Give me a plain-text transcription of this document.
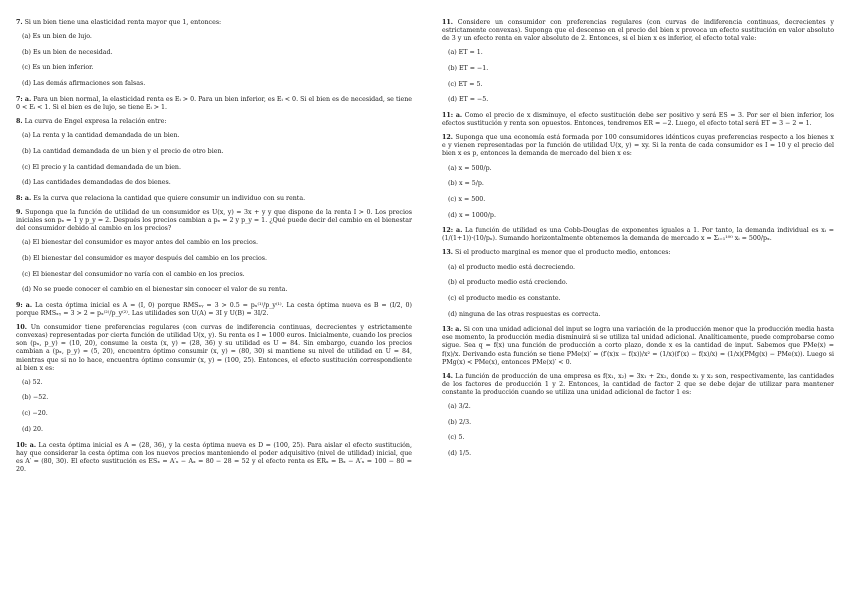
7. Si un bien tiene una elasticidad renta mayor que 1, entonces:

(a) Es un bien de lujo.

(b) Es un bien de necesidad.

(c) Es un bien inferior.

(d) Las demás afirmaciones son falsas.

7: a. Para un bien normal, la elasticidad renta es Eᵢ > 0. Para un bien inferior, es Eᵢ < 0. Si el bien es de necesidad, se tiene 0 < Eᵢ < 1. Si el bien es de lujo, se tiene Eᵢ > 1.

8. La curva de Engel expresa la relación entre:

(a) La renta y la cantidad demandada de un bien.

(b) La cantidad demandada de un bien y el precio de otro bien.

(c) El precio y la cantidad demandada de un bien.

(d) Las cantidades demandadas de dos bienes.

8: a. Es la curva que relaciona la cantidad que quiere consumir un individuo con su renta.

9. Suponga que la función de utilidad de un consumidor es U(x, y) = 3x + y y que dispone de la renta I > 0. Los precios iniciales son pₓ = 1 y p_y = 2. Después los precios cambian a pₓ = 2 y p_y = 1. ¿Qué puede decir del cambio en el bienestar del consumidor debido al cambio en los precios?

(a) El bienestar del consumidor es mayor antes del cambio en los precios.

(b) El bienestar del consumidor es mayor después del cambio en los precios.

(c) El bienestar del consumidor no varía con el cambio en los precios.

(d) No se puede conocer el cambio en el bienestar sin conocer el valor de su renta.

9: a. La cesta óptima inicial es A = (I, 0) porque RMSₓᵧ = 3 > 0.5 = pₓ⁽¹⁾/p_y⁽¹⁾. La cesta óptima nueva es B = (I/2, 0) porque RMSₓᵧ = 3 > 2 = pₓ⁽²⁾/p_y⁽²⁾. Las utilidades son U(A) = 3I y U(B) = 3I/2.

10. Un consumidor tiene preferencias regulares (con curvas de indiferencia continuas, decrecientes y estrictamente convexas) representadas por cierta función de utilidad U(x, y). Su renta es I = 1000 euros. Inicialmente, cuando los precios son (pₓ, p_y) = (10, 20), consume la cesta (x, y) = (28, 36) y su utilidad es U = 84. Sin embargo, cuando los precios cambian a (pₓ, p_y) = (5, 20), encuentra óptimo consumir (x, y) = (80, 30) si mantiene su nivel de utilidad en U = 84, mientras que si no lo hace, encuentra óptimo consumir (x, y) = (100, 25). Entonces, el efecto sustitución correspondiente al bien x es:

(a) 52.

(b) −52.

(c) −20.

(d) 20.

10: a. La cesta óptima inicial es A = (28, 36), y la cesta óptima nueva es D = (100, 25). Para aislar el efecto sustitución, hay que considerar la cesta óptima con los nuevos precios manteniendo el poder adquisitivo (nivel de utilidad) inicial, que es A′ = (80, 30). El efecto sustitución es ESₓ = A′ₓ − Aₓ = 80 − 28 = 52 y el efecto renta es ERₓ = Bₓ − A′ₓ = 100 − 80 = 20.

11. Considere un consumidor con preferencias regulares (con curvas de indiferencia continuas, decrecientes y estrictamente convexas). Suponga que el descenso en el precio del bien x provoca un efecto sustitución en valor absoluto de 3 y un efecto renta en valor absoluto de 2. Entonces, si el bien x es inferior, el efecto total vale:

(a) ET = 1.

(b) ET = −1.

(c) ET = 5.

(d) ET = −5.

11: a. Como el precio de x disminuye, el efecto sustitución debe ser positivo y será ES = 3. Por ser el bien inferior, los efectos sustitución y renta son opuestos. Entonces, tendremos ER = −2. Luego, el efecto total será ET = 3 − 2 = 1.

12. Suponga que una economía está formada por 100 consumidores idénticos cuyas preferencias respecto a los bienes x e y vienen representadas por la función de utilidad U(x, y) = xy. Si la renta de cada consumidor es I = 10 y el precio del bien x es p, entonces la demanda de mercado del bien x es:

(a) x = 500/p.

(b) x = 5/p.

(c) x = 500.

(d) x = 1000/p.

12: a. La función de utilidad es una Cobb-Douglas de exponentes iguales a 1. Por tanto, la demanda individual es xᵢ = (1/(1+1))·(10/pₓ). Sumando horizontalmente obtenemos la demanda de mercado x = Σᵢ₌₁¹⁰⁰ xᵢ = 500/pₓ.

13. Si el producto marginal es menor que el producto medio, entonces:

(a) el producto medio está decreciendo.

(b) el producto medio está creciendo.

(c) el producto medio es constante.

(d) ninguna de las otras respuestas es correcta.

13: a. Si con una unidad adicional del input se logra una variación de la producción menor que la producción media hasta ese momento, la producción media disminuirá si se utiliza tal unidad adicional. Analíticamente, puede comprobarse como sigue. Sea q = f(x) una función de producción a corto plazo, donde x es la cantidad de input. Sabemos que PMe(x) = f(x)/x. Derivando esta función se tiene PMe(x)′ = (f′(x)x − f(x))/x² = (1/x)(f′(x) − f(x)/x) = (1/x)(PMg(x) − PMe(x)). Luego si PMg(x) < PMe(x), entonces PMe(x)′ < 0.

14. La función de producción de una empresa es f(x₁, x₂) = 3x₁ + 2x₂, donde x₁ y x₂ son, respectivamente, las cantidades de los factores de producción 1 y 2. Entonces, la cantidad de factor 2 que se debe dejar de utilizar para mantener constante la producción cuando se utiliza una unidad adicional de factor 1 es:

(a) 3/2.

(b) 2/3.

(c) 5.

(d) 1/5.
